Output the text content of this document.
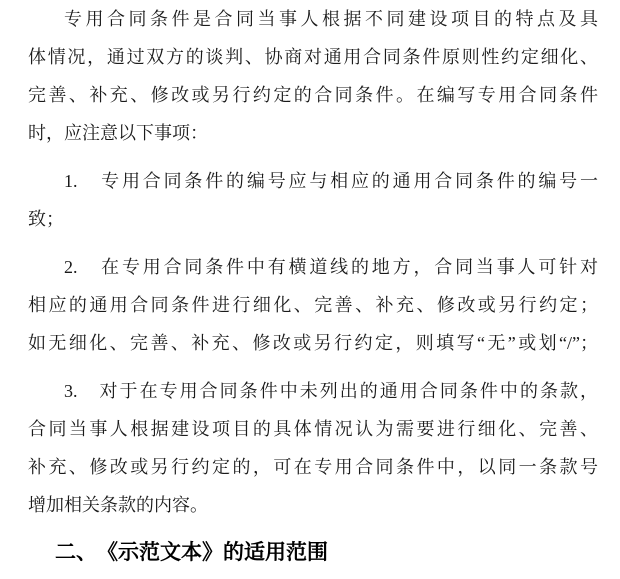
专用合同条件是合同当事人根据不同建设项目的特点及具
体情况，通过双方的谈判、协商对通用合同条件原则性约定细化、
完善、补充、修改或另行约定的合同条件。在编写专用合同条件
时，应注意以下事项：
1.　专用合同条件的编号应与相应的通用合同条件的编号一
致；
2.　在专用合同条件中有横道线的地方，合同当事人可针对
相应的通用合同条件进行细化、完善、补充、修改或另行约定；
如无细化、完善、补充、修改或另行约定，则填写“无”或划“/”；
3.　对于在专用合同条件中未列出的通用合同条件中的条款，
合同当事人根据建设项目的具体情况认为需要进行细化、完善、
补充、修改或另行约定的，可在专用合同条件中，以同一条款号
增加相关条款的内容。
二、　《示范文本》的适用范围
